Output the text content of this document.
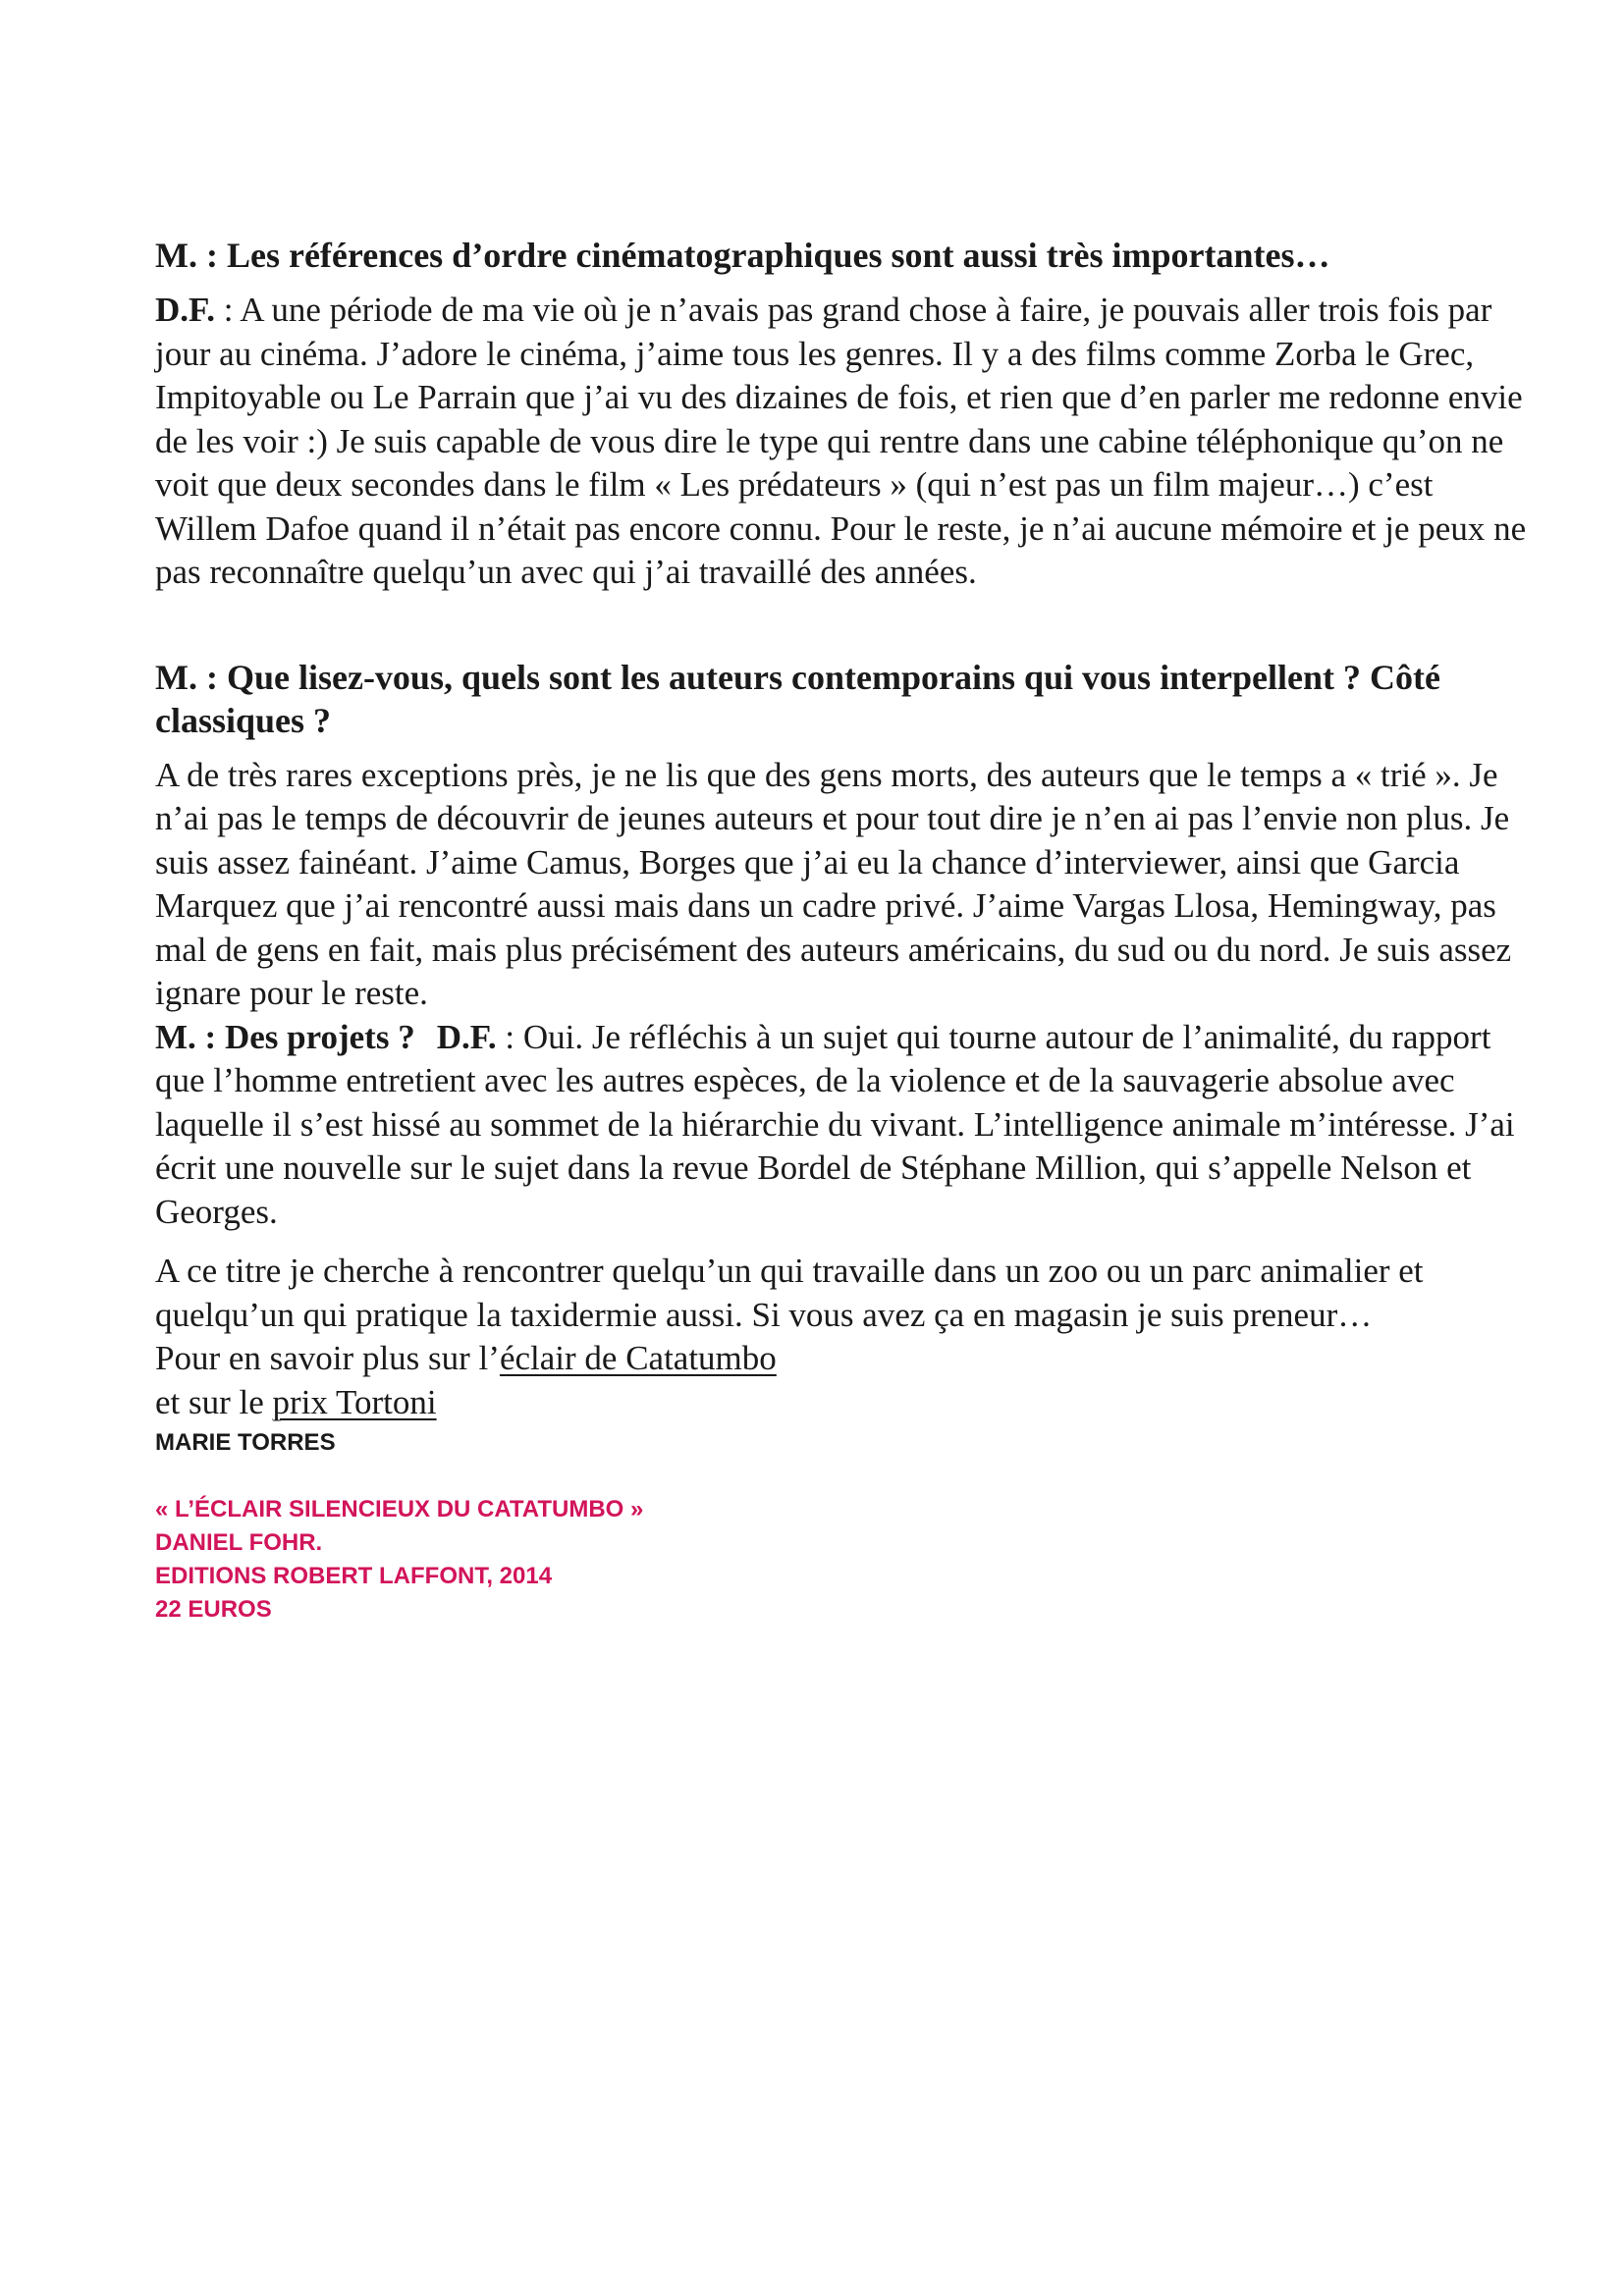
M. : Les références d’ordre cinématographiques sont aussi très importantes…

D.F. : A une période de ma vie où je n’avais pas grand chose à faire, je pouvais aller trois fois par jour au cinéma. J’adore le cinéma, j’aime tous les genres. Il y a des films comme Zorba le Grec, Impitoyable ou Le Parrain que j’ai vu des dizaines de fois, et rien que d’en parler me redonne envie de les voir :) Je suis capable de vous dire le type qui rentre dans une cabine téléphonique qu’on ne voit que deux secondes dans le film « Les prédateurs » (qui n’est pas un film majeur…) c’est Willem Dafoe quand il n’était pas encore connu. Pour le reste, je n’ai aucune mémoire et je peux ne pas reconnaître quelqu’un avec qui j’ai travaillé des années.

M. : Que lisez-vous, quels sont les auteurs contemporains qui vous interpellent ? Côté classiques ?

A de très rares exceptions près, je ne lis que des gens morts, des auteurs que le temps a « trié ». Je n’ai pas le temps de découvrir de jeunes auteurs et pour tout dire je n’en ai pas l’envie non plus. Je suis assez fainéant. J’aime Camus, Borges que j’ai eu la chance d’interviewer, ainsi que Garcia Marquez que j’ai rencontré aussi mais dans un cadre privé. J’aime Vargas Llosa, Hemingway, pas mal de gens en fait, mais plus précisément des auteurs américains, du sud ou du nord. Je suis assez ignare pour le reste.

M. : Des projets ? D.F. : Oui. Je réfléchis à un sujet qui tourne autour de l’animalité, du rapport que l’homme entretient avec les autres espèces, de la violence et de la sauvagerie absolue avec laquelle il s’est hissé au sommet de la hiérarchie du vivant. L’intelligence animale m’intéresse. J’ai écrit une nouvelle sur le sujet dans la revue Bordel de Stéphane Million, qui s’appelle Nelson et Georges.

A ce titre je cherche à rencontrer quelqu’un qui travaille dans un zoo ou un parc animalier et quelqu’un qui pratique la taxidermie aussi. Si vous avez ça en magasin je suis preneur…

Pour en savoir plus sur l’éclair de Catatumbo

et sur le prix Tortoni

MARIE TORRES
« L’ÉCLAIR SILENCIEUX DU CATATUMBO »
DANIEL FOHR.
EDITIONS ROBERT LAFFONT, 2014
22 EUROS
